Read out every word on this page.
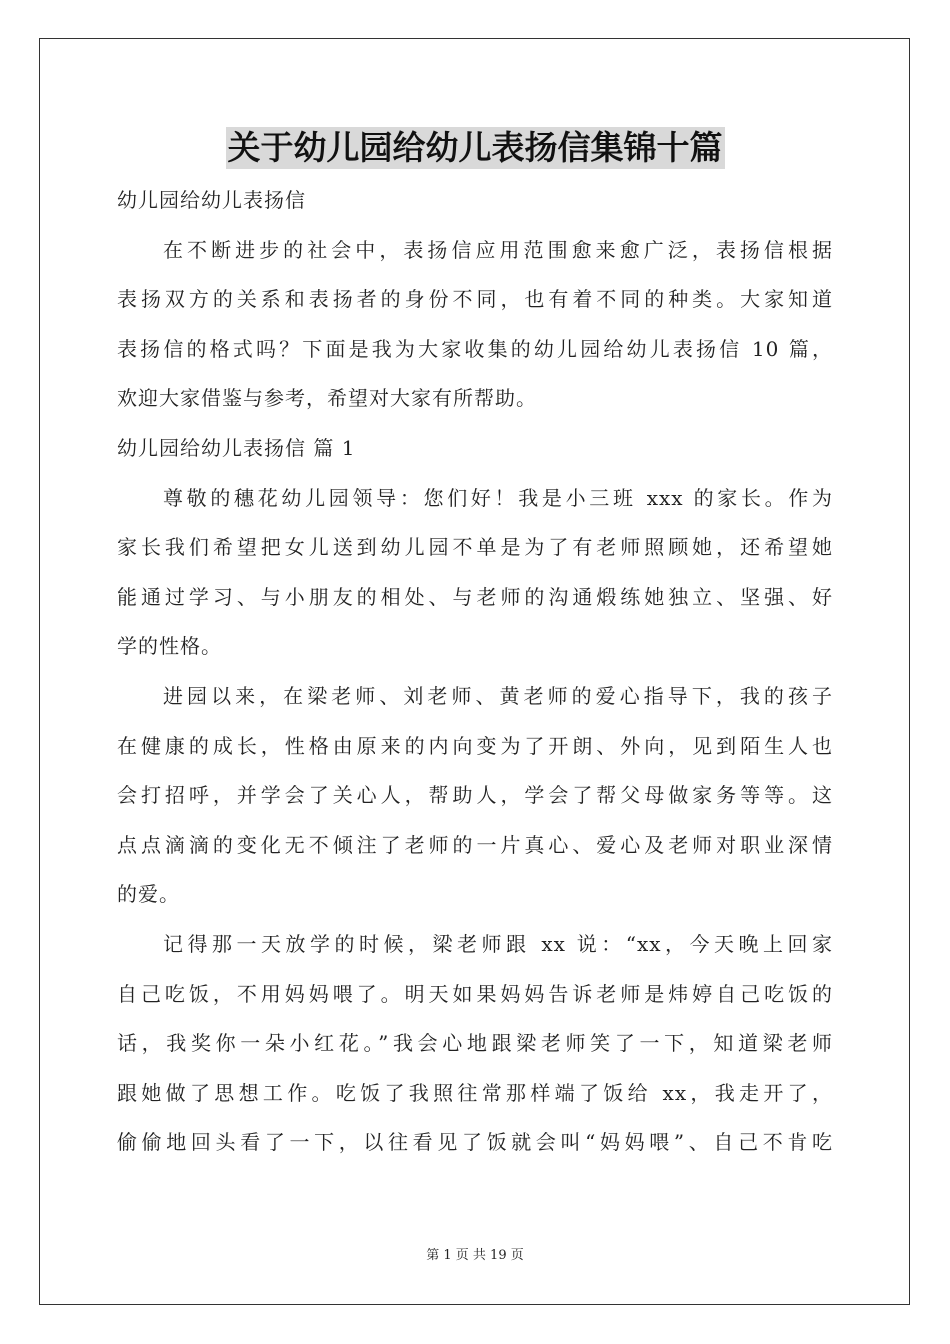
关于幼儿园给幼儿表扬信集锦十篇
幼儿园给幼儿表扬信
在不断进步的社会中，表扬信应用范围愈来愈广泛，表扬信根据
表扬双方的关系和表扬者的身份不同，也有着不同的种类。大家知道
表扬信的格式吗？下面是我为大家收集的幼儿园给幼儿表扬信 10 篇，
欢迎大家借鉴与参考，希望对大家有所帮助。
幼儿园给幼儿表扬信 篇 1
尊敬的穗花幼儿园领导：您们好！我是小三班 xxx 的家长。作为
家长我们希望把女儿送到幼儿园不单是为了有老师照顾她，还希望她
能通过学习、与小朋友的相处、与老师的沟通煅练她独立、坚强、好
学的性格。
进园以来，在梁老师、刘老师、黄老师的爱心指导下，我的孩子
在健康的成长，性格由原来的内向变为了开朗、外向，见到陌生人也
会打招呼，并学会了关心人，帮助人，学会了帮父母做家务等等。这
点点滴滴的变化无不倾注了老师的一片真心、爱心及老师对职业深情
的爱。
记得那一天放学的时候，梁老师跟 xx 说：“xx，今天晚上回家
自己吃饭，不用妈妈喂了。明天如果妈妈告诉老师是炜婷自己吃饭的
话，我奖你一朵小红花。”我会心地跟梁老师笑了一下，知道梁老师
跟她做了思想工作。吃饭了我照往常那样端了饭给 xx，我走开了，
偷偷地回头看了一下，以往看见了饭就会叫“妈妈喂”、自己不肯吃
第 1 页 共 19 页
